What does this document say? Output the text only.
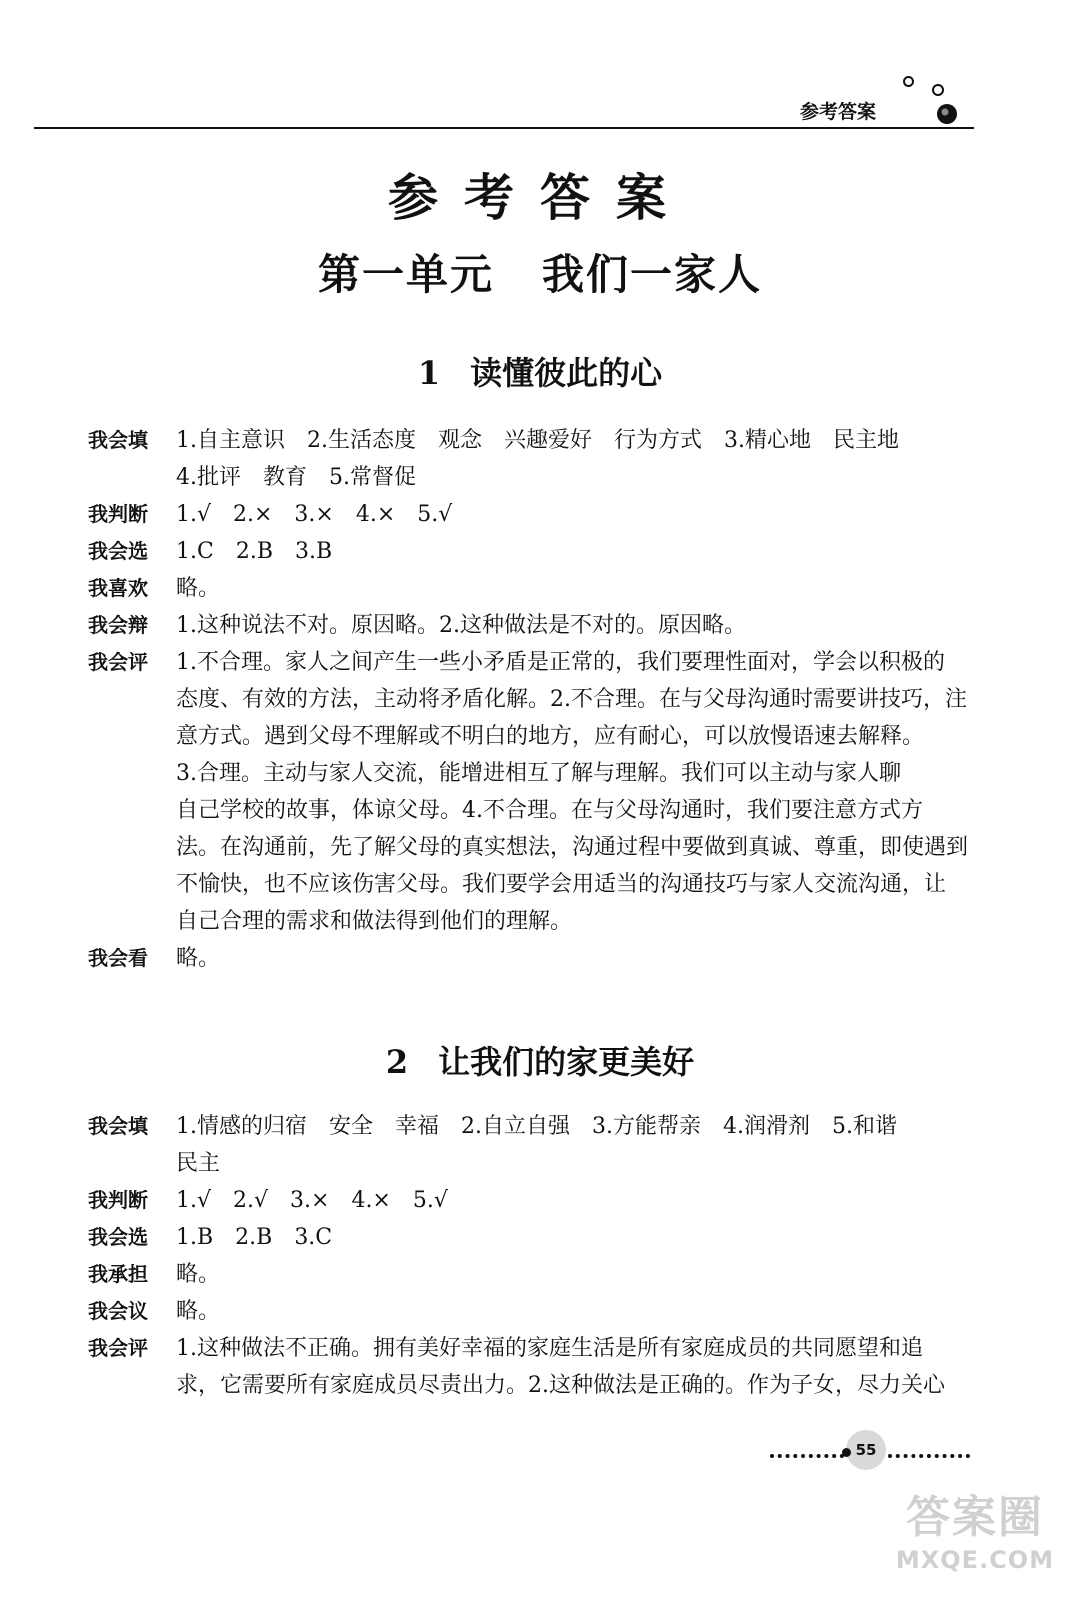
参考答案
参考答案
第一单元 我们一家人
1 读懂彼此的心
我会填	1.自主意识　2.生活态度　观念　兴趣爱好　行为方式　3.精心地　民主地
4.批评　教育　5.常督促
我判断	1.√　2.×　3.×　4.×　5.√
我会选	1.C　2.B　3.B
我喜欢	略。
我会辩	1.这种说法不对。原因略。2.这种做法是不对的。原因略。
我会评	1.不合理。家人之间产生一些小矛盾是正常的，我们要理性面对，学会以积极的
态度、有效的方法，主动将矛盾化解。2.不合理。在与父母沟通时需要讲技巧，注
意方式。遇到父母不理解或不明白的地方，应有耐心，可以放慢语速去解释。
3.合理。主动与家人交流，能增进相互了解与理解。我们可以主动与家人聊
自己学校的故事，体谅父母。4.不合理。在与父母沟通时，我们要注意方式方
法。在沟通前，先了解父母的真实想法，沟通过程中要做到真诚、尊重，即使遇到
不愉快，也不应该伤害父母。我们要学会用适当的沟通技巧与家人交流沟通，让
自己合理的需求和做法得到他们的理解。
我会看	略。
2 让我们的家更美好
我会填	1.情感的归宿　安全　幸福　2.自立自强　3.方能帮亲　4.润滑剂　5.和谐
民主
我判断	1.√　2.√　3.×　4.×　5.√
我会选	1.B　2.B　3.C
我承担	略。
我会议	略。
我会评	1.这种做法不正确。拥有美好幸福的家庭生活是所有家庭成员的共同愿望和追
求，它需要所有家庭成员尽责出力。2.这种做法是正确的。作为子女，尽力关心
55
答案圈
MXQE.COM
